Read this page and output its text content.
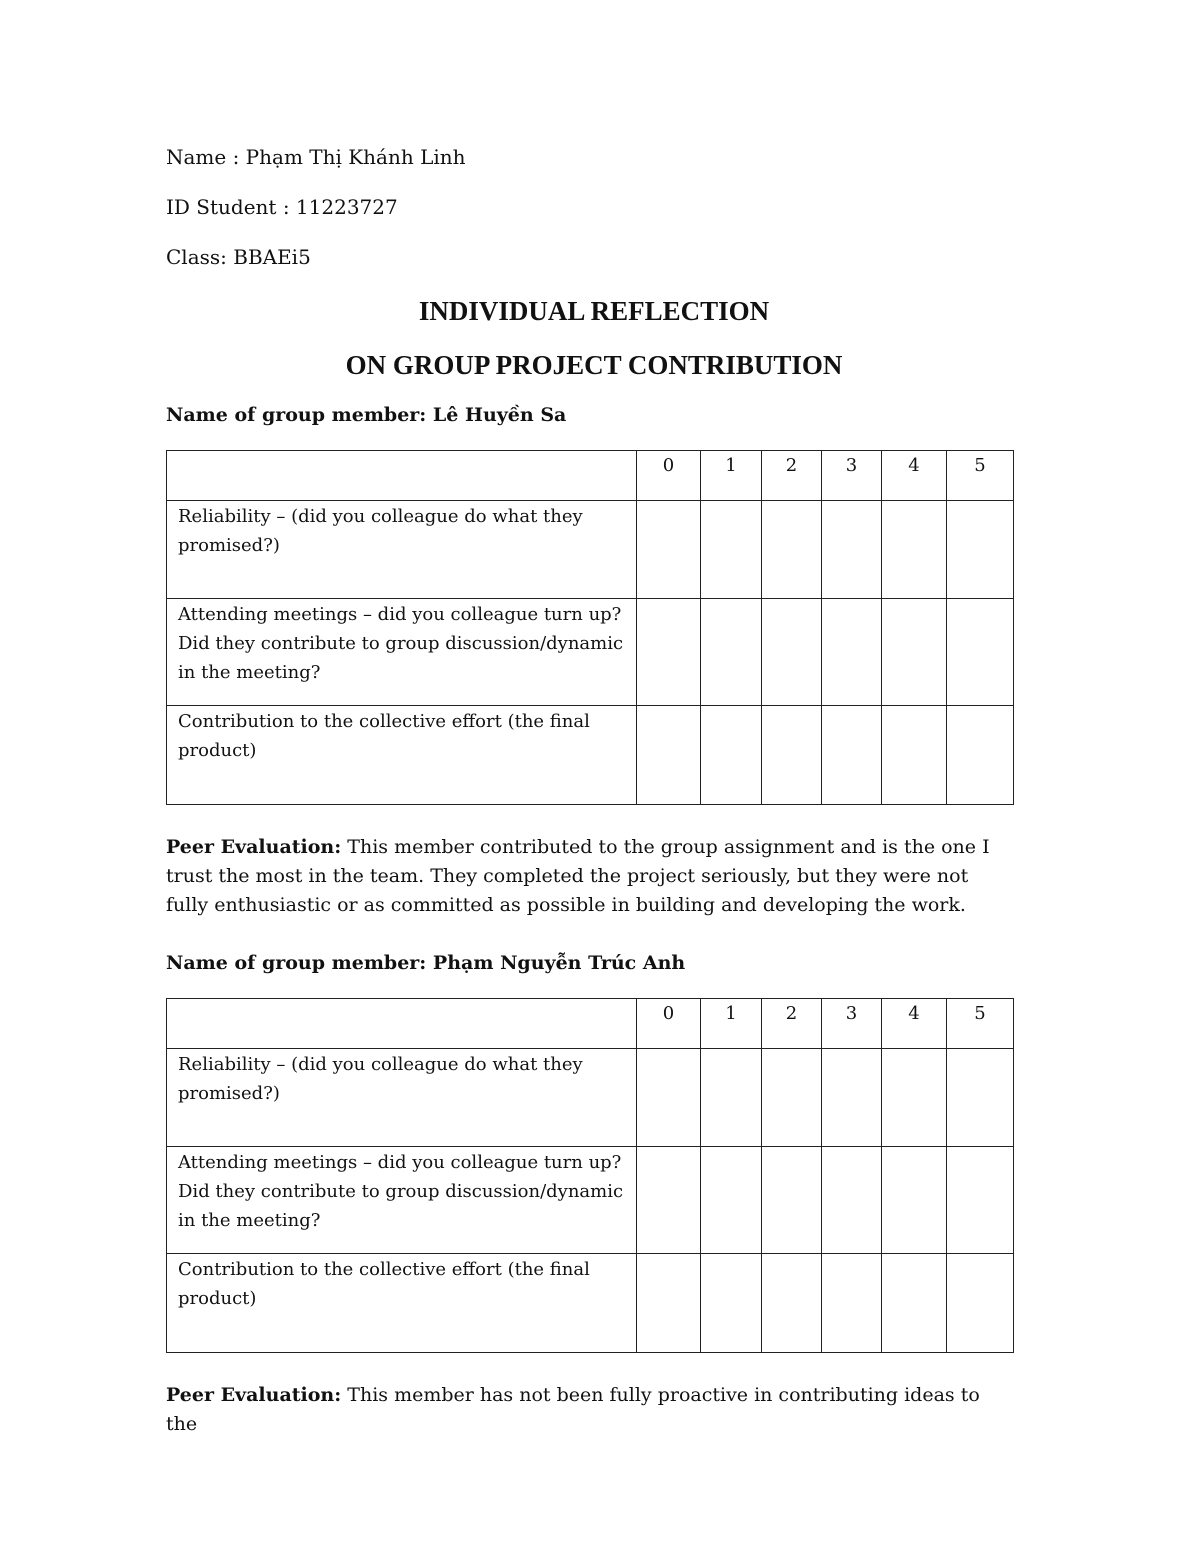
Name : Phạm Thị Khánh Linh

ID Student : 11223727

Class: BBAEi5

INDIVIDUAL REFLECTION
ON GROUP PROJECT CONTRIBUTION

Name of group member: Lê Huyền Sa

	0	1	2	3	4	5
Reliability – (did you colleague do what they promised?)						
Attending meetings – did you colleague turn up? Did they contribute to group discussion/dynamic in the meeting?						
Contribution to the collective effort (the final product)						

Peer Evaluation: This member contributed to the group assignment and is the one I trust the most in the team. They completed the project seriously, but they were not fully enthusiastic or as committed as possible in building and developing the work.

Name of group member: Phạm Nguyễn Trúc Anh

	0	1	2	3	4	5
Reliability – (did you colleague do what they promised?)						
Attending meetings – did you colleague turn up? Did they contribute to group discussion/dynamic in the meeting?						
Contribution to the collective effort (the final product)						

Peer Evaluation: This member has not been fully proactive in contributing ideas to the
